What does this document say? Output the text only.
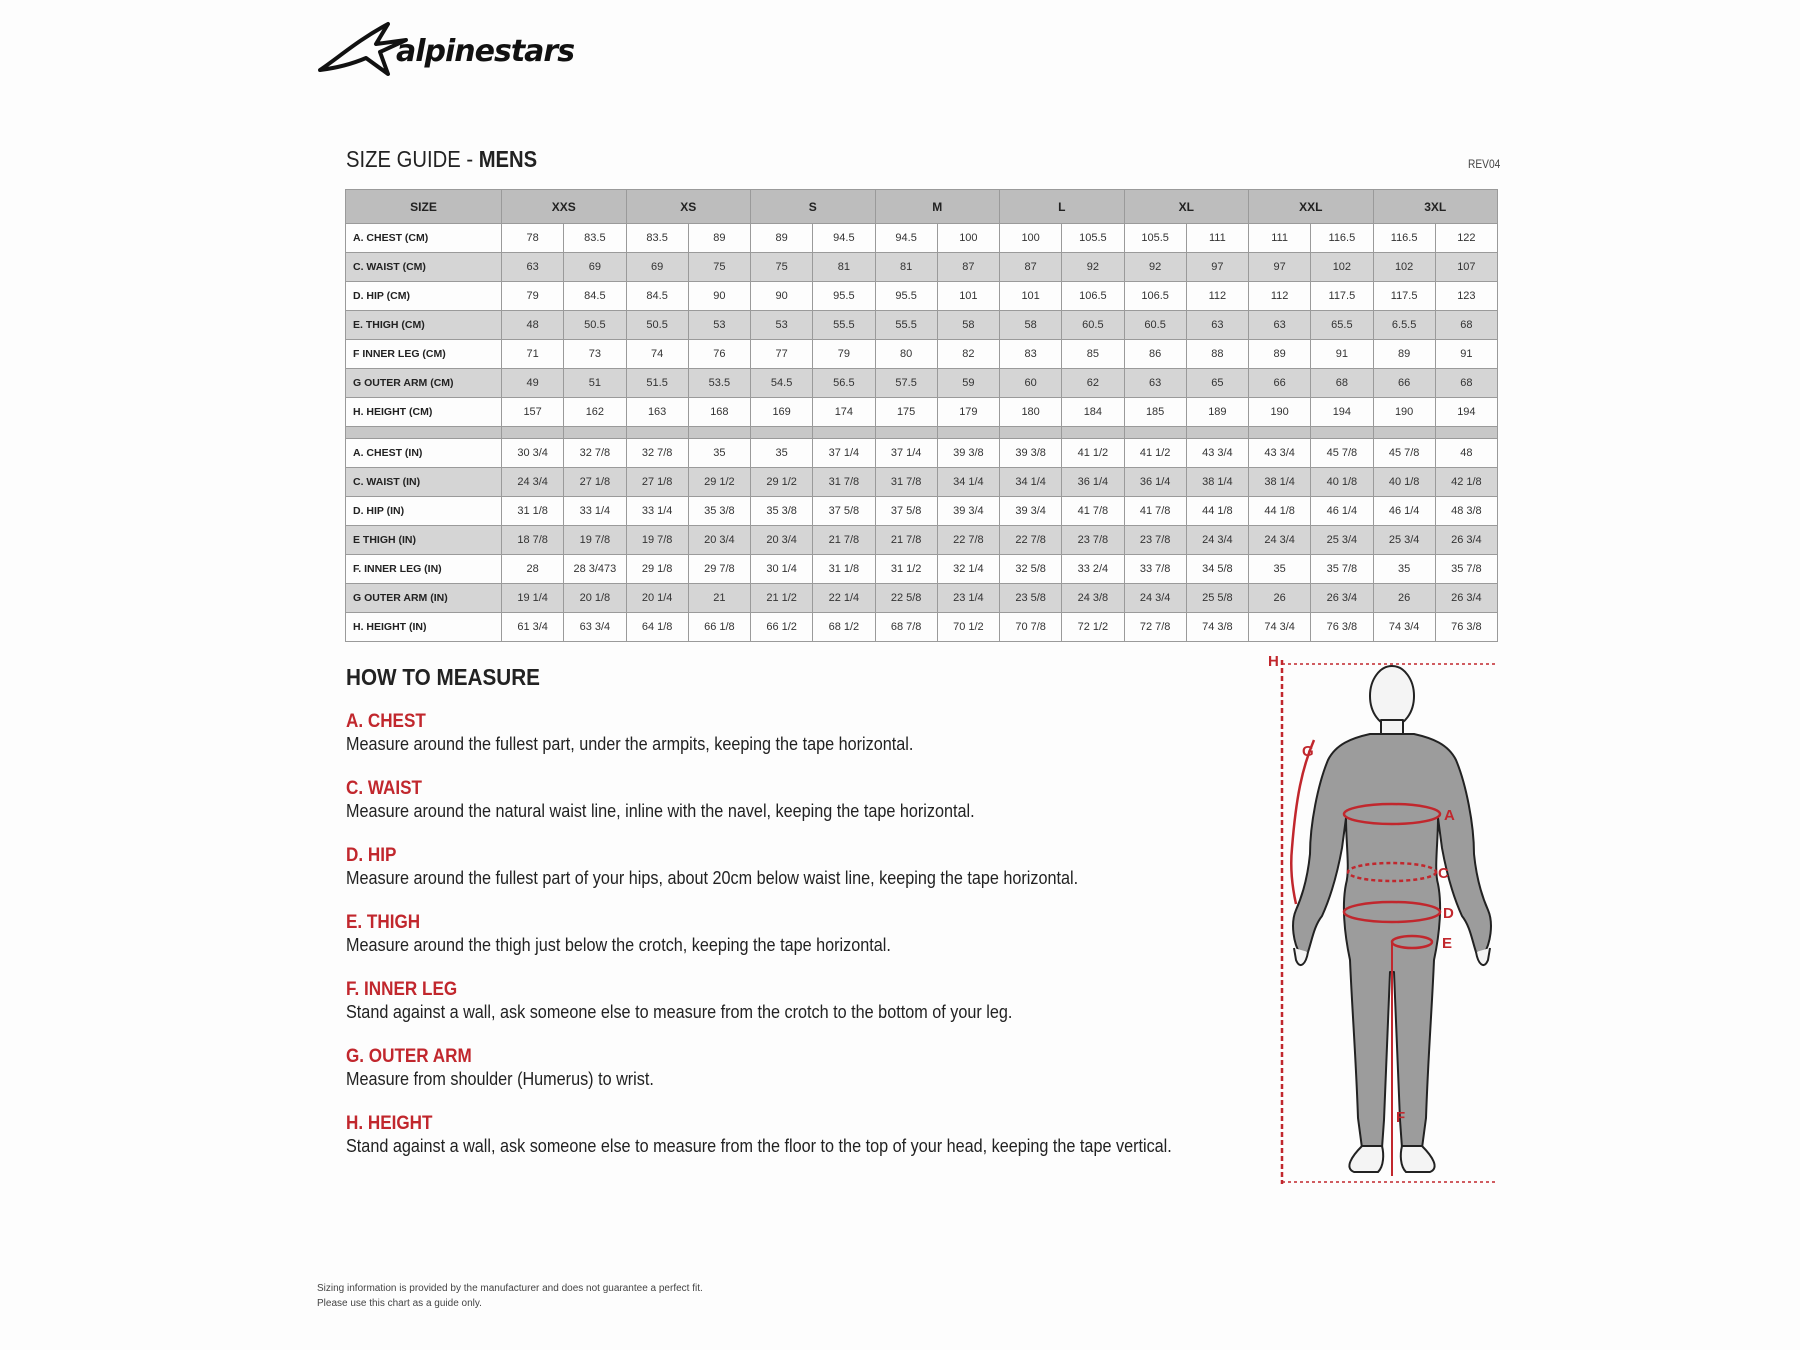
alpinestars
SIZE GUIDE - MENS	REV04
SIZE	XXS		XS		S		M		L		XL		XXL		3XL	
A. CHEST (CM)	78	83.5	83.5	89	89	94.5	94.5	100	100	105.5	105.5	111	111	116.5	116.5	122
C. WAIST (CM)	63	69	69	75	75	81	81	87	87	92	92	97	97	102	102	107
D. HIP (CM)	79	84.5	84.5	90	90	95.5	95.5	101	101	106.5	106.5	112	112	117.5	117.5	123
E. THIGH (CM)	48	50.5	50.5	53	53	55.5	55.5	58	58	60.5	60.5	63	63	65.5	6.5.5	68
F INNER LEG (CM)	71	73	74	76	77	79	80	82	83	85	86	88	89	91	89	91
G OUTER ARM (CM)	49	51	51.5	53.5	54.5	56.5	57.5	59	60	62	63	65	66	68	66	68
H. HEIGHT (CM)	157	162	163	168	169	174	175	179	180	184	185	189	190	194	190	194

A. CHEST (IN)	30 3/4	32 7/8	32 7/8	35	35	37 1/4	37 1/4	39 3/8	39 3/8	41 1/2	41 1/2	43 3/4	43 3/4	45 7/8	45 7/8	48
C. WAIST (IN)	24 3/4	27 1/8	27 1/8	29 1/2	29 1/2	31 7/8	31 7/8	34 1/4	34 1/4	36 1/4	36 1/4	38 1/4	38 1/4	40 1/8	40 1/8	42 1/8
D. HIP (IN)	31 1/8	33 1/4	33 1/4	35 3/8	35 3/8	37 5/8	37 5/8	39 3/4	39 3/4	41 7/8	41 7/8	44 1/8	44 1/8	46 1/4	46 1/4	48 3/8
E THIGH (IN)	18 7/8	19 7/8	19 7/8	20 3/4	20 3/4	21 7/8	21 7/8	22 7/8	22 7/8	23 7/8	23 7/8	24 3/4	24 3/4	25 3/4	25 3/4	26 3/4
F. INNER LEG (IN)	28	28 3/473	29 1/8	29 7/8	30 1/4	31 1/8	31 1/2	32 1/4	32 5/8	33 2/4	33 7/8	34 5/8	35	35 7/8	35	35 7/8
G OUTER ARM (IN)	19 1/4	20 1/8	20 1/4	21	21 1/2	22 1/4	22 5/8	23 1/4	23 5/8	24 3/8	24 3/4	25 5/8	26	26 3/4	26	26 3/4
H. HEIGHT (IN)	61 3/4	63 3/4	64 1/8	66 1/8	66 1/2	68 1/2	68 7/8	70 1/2	70 7/8	72 1/2	72 7/8	74 3/8	74 3/4	76 3/8	74 3/4	76 3/8
HOW TO MEASURE
A. CHEST
Measure around the fullest part, under the armpits, keeping the tape horizontal.
C. WAIST
Measure around the natural waist line, inline with the navel, keeping the tape horizontal.
D. HIP
Measure around the fullest part of your hips, about 20cm below waist line, keeping the tape horizontal.
E. THIGH
Measure around the thigh just below the crotch, keeping the tape horizontal.
F. INNER LEG
Stand against a wall, ask someone else to measure from the crotch to the bottom of your leg.
G. OUTER ARM
Measure from shoulder (Humerus) to wrist.
H. HEIGHT
Stand against a wall, ask someone else to measure from the floor to the top of your head, keeping the tape vertical.
H
G
A
C
D
E
F
Sizing information is provided by the manufacturer and does not guarantee a perfect fit.
Please use this chart as a guide only.
